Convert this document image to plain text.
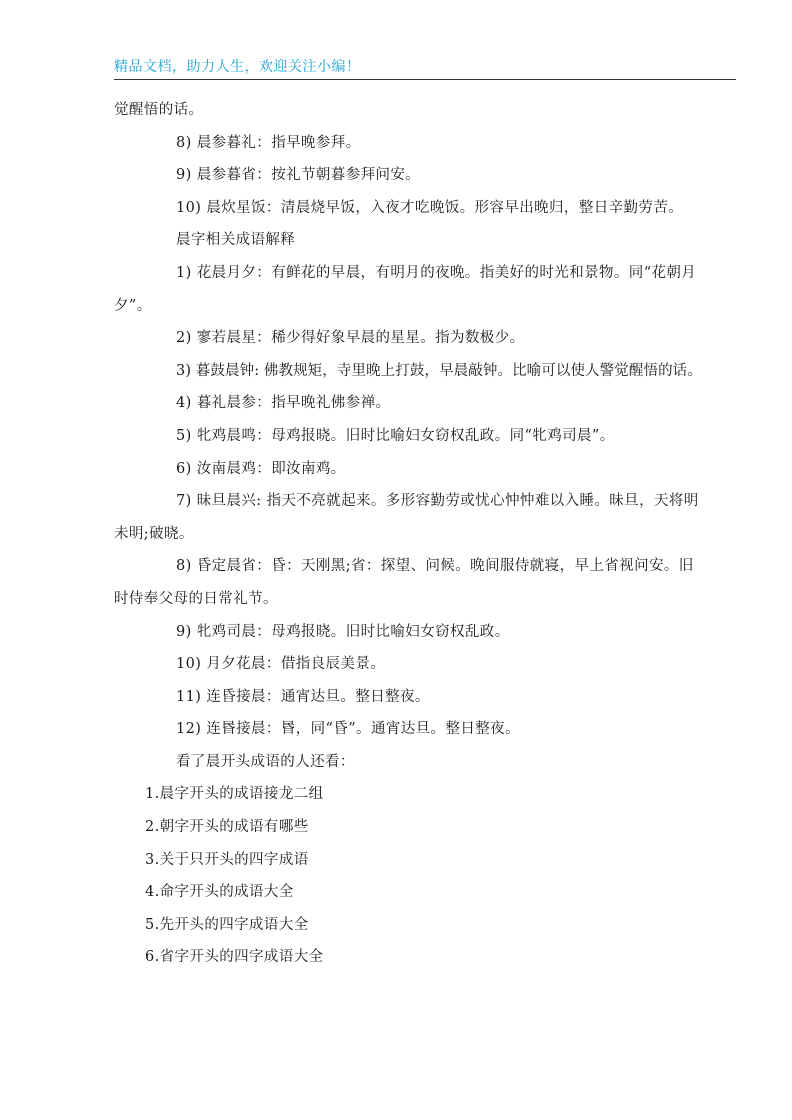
精品文档，助力人生，欢迎关注小编！
觉醒悟的话。
8) 晨参暮礼：指早晚参拜。
9) 晨参暮省：按礼节朝暮参拜问安。
10) 晨炊星饭：清晨烧早饭，入夜才吃晚饭。形容早出晚归，整日辛勤劳苦。
晨字相关成语解释
1) 花晨月夕：有鲜花的早晨，有明月的夜晚。指美好的时光和景物。同“花朝月
夕”。
2) 寥若晨星：稀少得好象早晨的星星。指为数极少。
3) 暮鼓晨钟: 佛教规矩，寺里晚上打鼓，早晨敲钟。比喻可以使人警觉醒悟的话。
4) 暮礼晨参：指早晚礼佛参禅。
5) 牝鸡晨鸣：母鸡报晓。旧时比喻妇女窃权乱政。同“牝鸡司晨”。
6) 汝南晨鸡：即汝南鸡。
7) 昧旦晨兴: 指天不亮就起来。多形容勤劳或忧心忡忡难以入睡。昧旦，天将明
未明;破晓。
8) 昏定晨省：昏：天刚黑;省：探望、问候。晚间服侍就寝，早上省视问安。旧
时侍奉父母的日常礼节。
9) 牝鸡司晨：母鸡报晓。旧时比喻妇女窃权乱政。
10) 月夕花晨：借指良辰美景。
11) 连昏接晨：通宵达旦。整日整夜。
12) 连昬接晨：昬，同“昏”。通宵达旦。整日整夜。
看了晨开头成语的人还看：
1.晨字开头的成语接龙二组
2.朝字开头的成语有哪些
3.关于只开头的四字成语
4.命字开头的成语大全
5.先开头的四字成语大全
6.省字开头的四字成语大全
